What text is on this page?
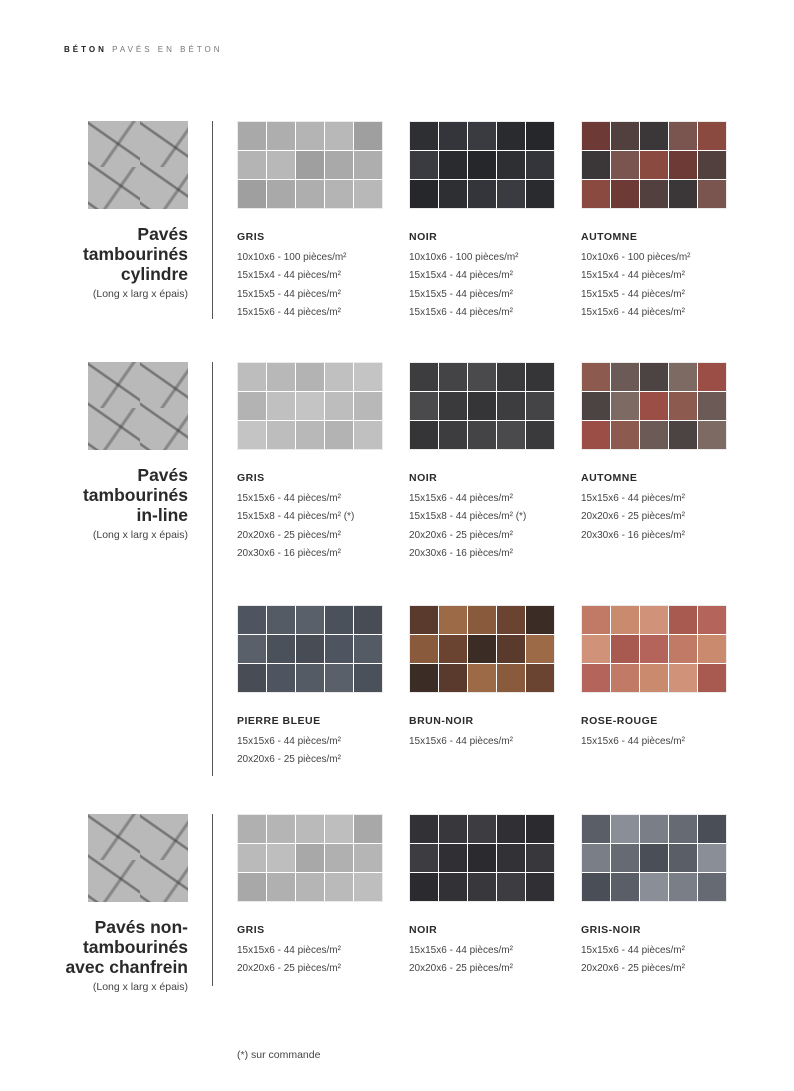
BÉTON PAVÉS EN BÉTON
Pavés
tambourinés
cylindre
(Long x larg x épais)
Pavés
tambourinés
in-line
(Long x larg x épais)
Pavés non-
tambourinés
avec chanfrein
(Long x larg x épais)
GRIS
10x10x6 - 100 pièces/m²
15x15x4 - 44 pièces/m²
15x15x5 - 44 pièces/m²
15x15x6 - 44 pièces/m²
NOIR
10x10x6 - 100 pièces/m²
15x15x4 - 44 pièces/m²
15x15x5 - 44 pièces/m²
15x15x6 - 44 pièces/m²
AUTOMNE
10x10x6 - 100 pièces/m²
15x15x4 - 44 pièces/m²
15x15x5 - 44 pièces/m²
15x15x6 - 44 pièces/m²
GRIS
15x15x6 - 44 pièces/m²
15x15x8 - 44 pièces/m² (*)
20x20x6 - 25 pièces/m²
20x30x6 - 16 pièces/m²
NOIR
15x15x6 - 44 pièces/m²
15x15x8 - 44 pièces/m² (*)
20x20x6 - 25 pièces/m²
20x30x6 - 16 pièces/m²
AUTOMNE
15x15x6 - 44 pièces/m²
20x20x6 - 25 pièces/m²
20x30x6 - 16 pièces/m²
PIERRE BLEUE
15x15x6 - 44 pièces/m²
20x20x6 - 25 pièces/m²
BRUN-NOIR
15x15x6 - 44 pièces/m²
ROSE-ROUGE
15x15x6 - 44 pièces/m²
GRIS
15x15x6 - 44 pièces/m²
20x20x6 - 25 pièces/m²
NOIR
15x15x6 - 44 pièces/m²
20x20x6 - 25 pièces/m²
GRIS-NOIR
15x15x6 - 44 pièces/m²
20x20x6 - 25 pièces/m²
(*) sur commande
